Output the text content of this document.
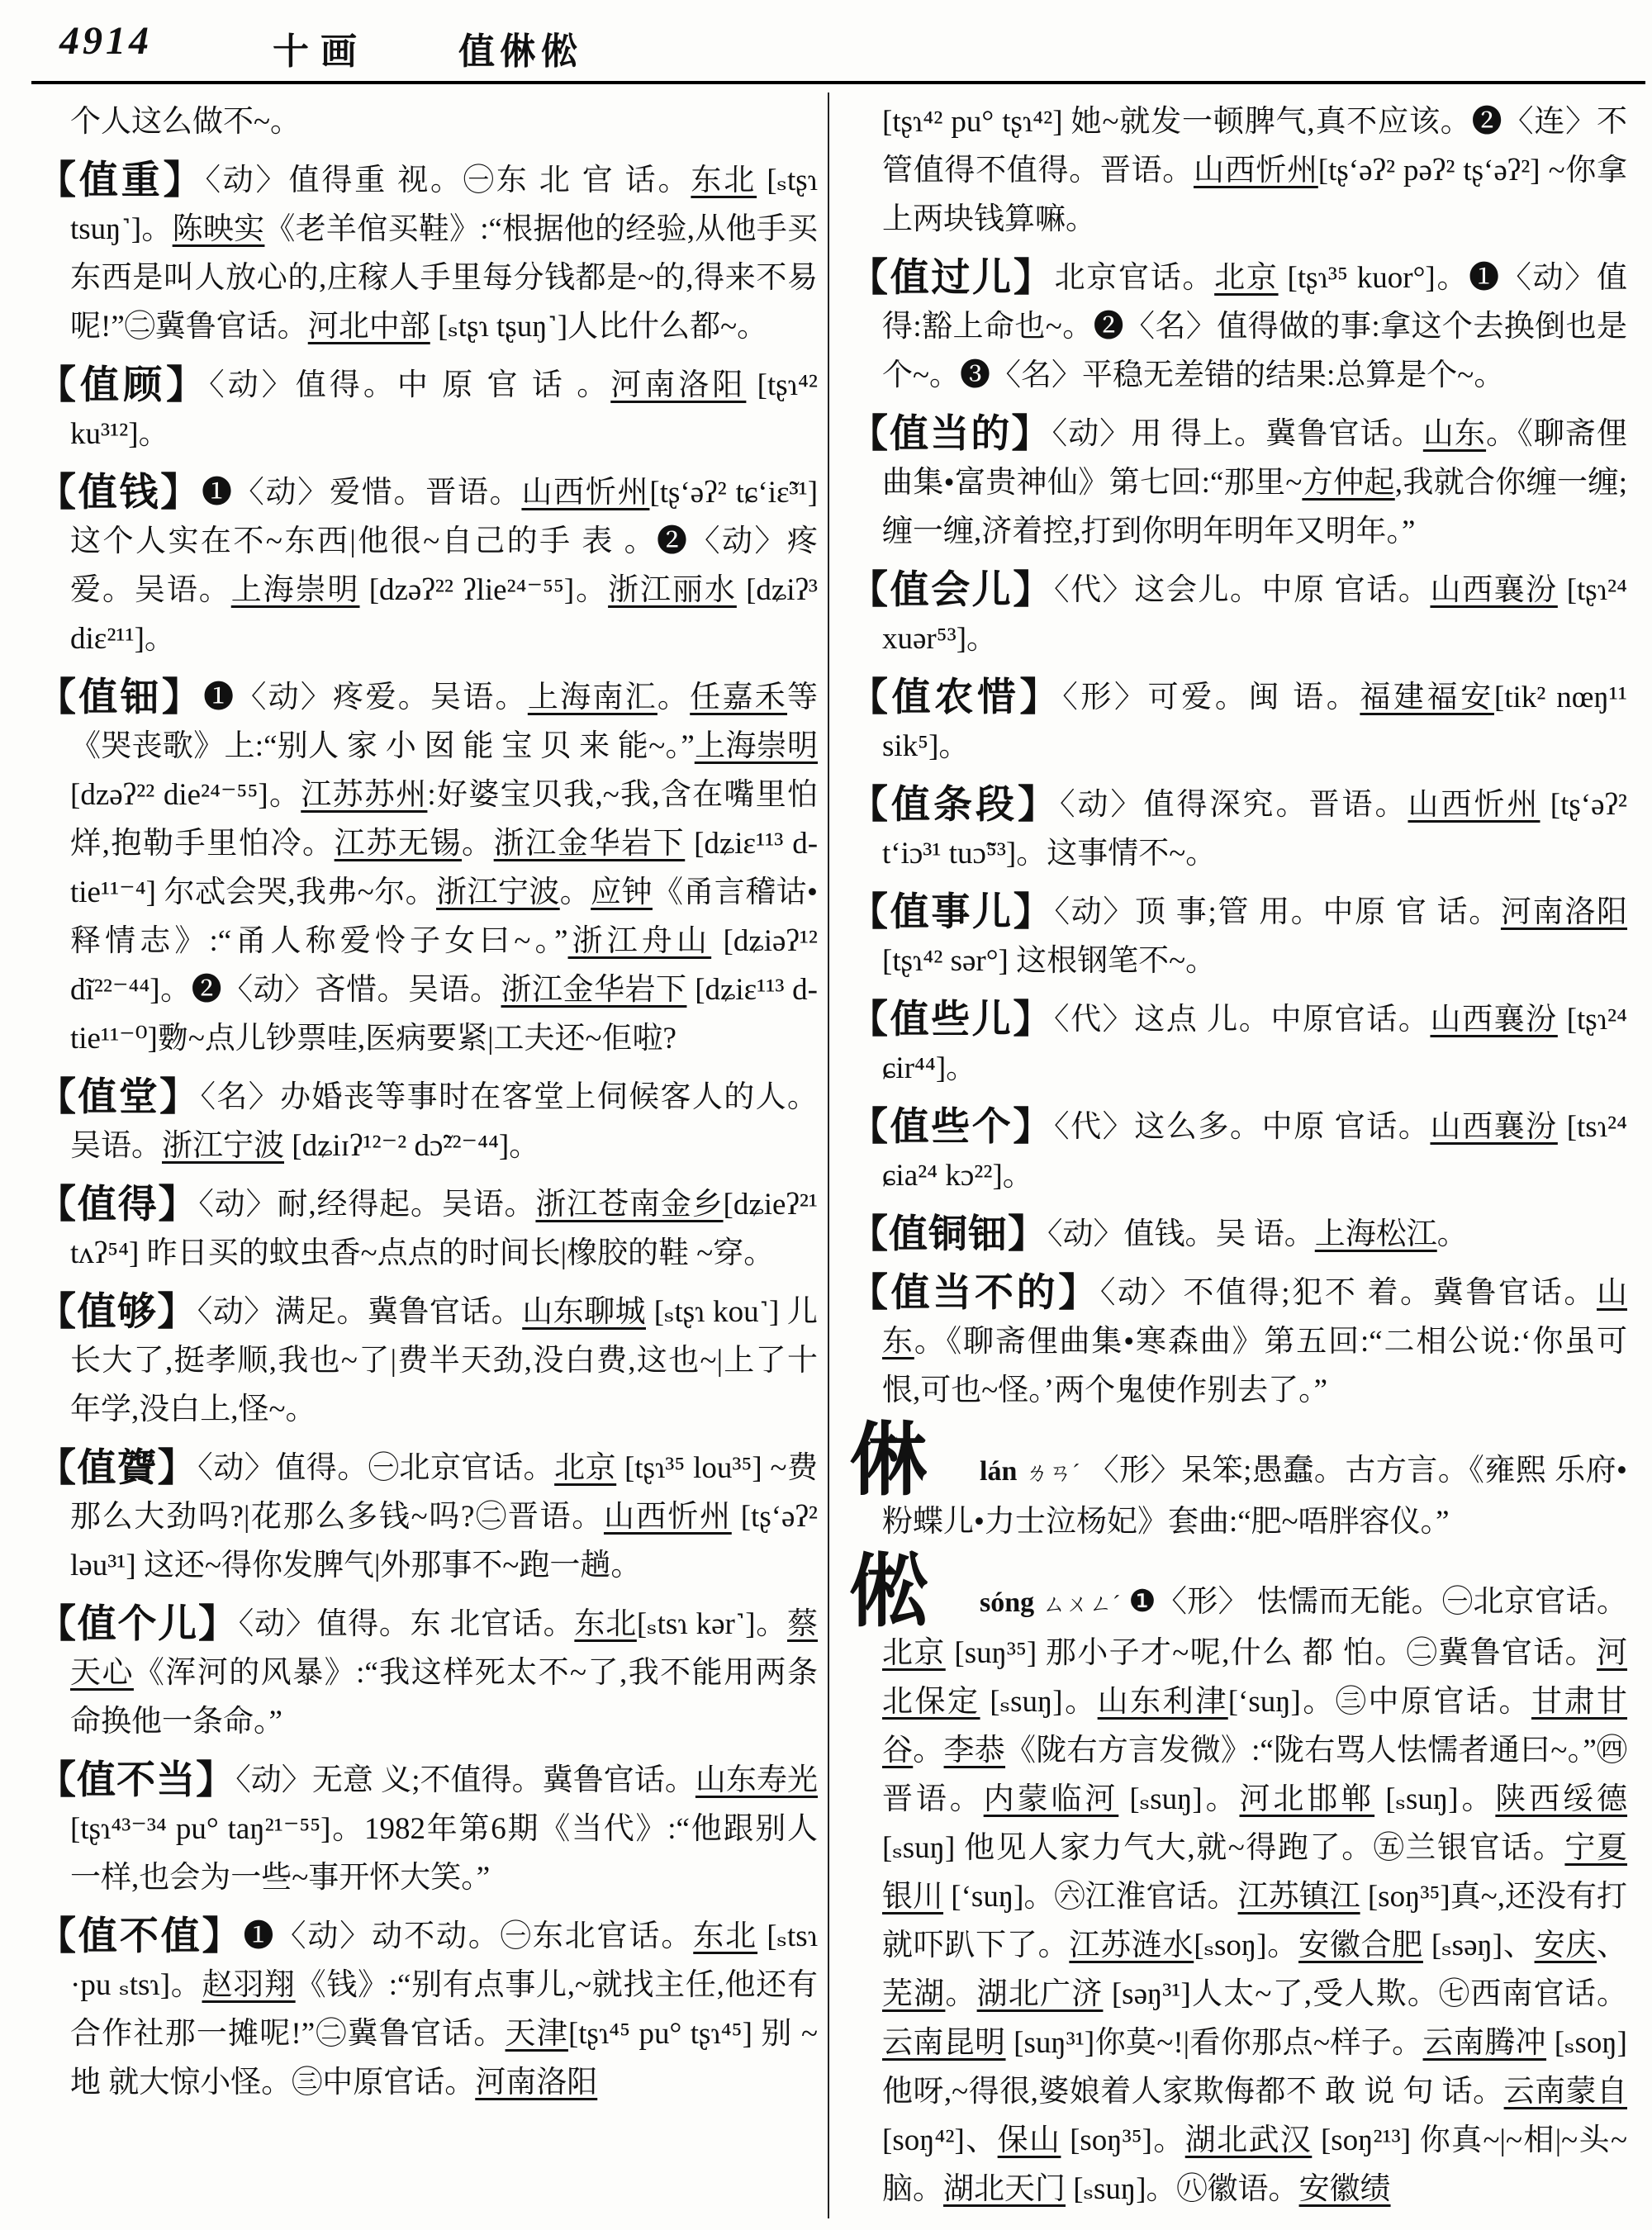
4914	十画 值㑣倯

个人这么做不~。

【值重】〈动〉值得重 视。㊀东 北 官 话。东北 [ₛtʂɿ tsuŋ˺]。陈映实《老羊倌买鞋》:“根据他的经验,从他手买东西是叫人放心的,庄稼人手里每分钱都是~的,得来不易呢!”㊁冀鲁官话。河北中部 [ₛtʂɿ tʂuŋ˺]人比什么都~。

【值顾】〈动〉值得。中 原 官 话 。河南洛阳 [tʂɿ⁴² ku³¹²]。

【值钱】❶〈动〉爱惜。晋语。山西忻州[tʂʻəʔ² tɕʻiɛ̃³¹] 这个人实在不~东西|他很~自己的手 表 。❷〈动〉疼爱。吴语。上海崇明 [dzəʔ²² ʔlie²⁴⁻⁵⁵]。浙江丽水 [dʑiʔ³ diɛ²¹¹]。

【值钿】❶〈动〉疼爱。吴语。上海南汇。任嘉禾等《哭丧歌》上:“别人 家 小 囡 能 宝 贝 来 能~。”上海崇明 [dzəʔ²² die²⁴⁻⁵⁵]。江苏苏州:好婆宝贝我,~我,含在嘴里怕烊,抱勒手里怕冷。江苏无锡。浙江金华岩下 [dʑiɛ¹¹³ d-tie¹¹⁻⁴] 尔忒会哭,我弗~尔。浙江宁波。应钟《甬言稽诂•释情志》:“甬人称爱怜子女曰~。”浙江舟山 [dʑiəʔ¹² dĩ²²⁻⁴⁴]。❷〈动〉吝惜。吴语。浙江金华岩下 [dʑiɛ¹¹³ d-tie¹¹⁻⁰]覅~点儿钞票哇,医病要紧|工夫还~佢啦?

【值堂】〈名〉办婚丧等事时在客堂上伺候客人的人。吴语。浙江宁波 [dʑiɪʔ¹²⁻² dɔ̃²²⁻⁴⁴]。

【值得】〈动〉耐,经得起。吴语。浙江苍南金乡[dʑieʔ²¹ tʌʔ⁵⁴] 昨日买的蚊虫香~点点的时间长|橡胶的鞋 ~穿。

【值够】〈动〉满足。冀鲁官话。山东聊城 [ₛtʂɿ kou˺] 儿长大了,挺孝顺,我也~了|费半天劲,没白费,这也~|上了十年学,没白上,怪~。

【值䞄】〈动〉值得。㊀北京官话。北京 [tʂɿ³⁵ lou³⁵] ~费那么大劲吗?|花那么多钱~吗?㊁晋语。山西忻州 [tʂʻəʔ² ləu³¹] 这还~得你发脾气|外那事不~跑一趟。

【值个儿】〈动〉值得。东 北官话。东北[ₛtsɿ kər˺]。蔡天心《浑河的风暴》:“我这样死太不~了,我不能用两条命换他一条命。”

【值不当】〈动〉无意 义;不值得。冀鲁官话。山东寿光 [tʂɿ⁴³⁻³⁴ pu° taŋ²¹⁻⁵⁵]。1982年第6期《当代》:“他跟别人一样,也会为一些~事开怀大笑。”

【值不值】❶〈动〉动不动。㊀东北官话。东北 [ₛtsɿ ·pu ₛtsɿ]。赵羽翔《钱》:“别有点事儿,~就找主任,他还有合作社那一摊呢!”㊁冀鲁官话。天津[tʂɿ⁴⁵ pu° tʂɿ⁴⁵] 别 ~ 地 就大惊小怪。㊂中原官话。河南洛阳

[tʂɿ⁴² pu° tʂɿ⁴²] 她~就发一顿脾气,真不应该。❷〈连〉不管值得不值得。晋语。山西忻州[tʂʻəʔ² pəʔ² tʂʻəʔ²] ~你拿上两块钱算嘛。

【值过儿】北京官话。北京 [tʂɿ³⁵ kuor°]。❶〈动〉值得:豁上命也~。❷〈名〉值得做的事:拿这个去换倒也是个~。❸〈名〉平稳无差错的结果:总算是个~。

【值当的】〈动〉用 得上。冀鲁官话。山东。《聊斋俚曲集•富贵神仙》第七回:“那里~方仲起,我就合你缠一缠;缠一缠,济着控,打到你明年明年又明年。”

【值会儿】〈代〉这会儿。中原 官话。山西襄汾 [tʂɿ²⁴ xuər⁵³]。

【值农惜】〈形〉可爱。闽 语。福建福安[tik² nœŋ¹¹ sik⁵]。

【值条段】〈动〉值得深究。晋语。山西忻州 [tʂʻəʔ² tʻiɔ³¹ tuɔ̃⁵³]。这事情不~。

【值事儿】〈动〉顶 事;管 用。中原 官 话。河南洛阳 [tʂɿ⁴² sər°] 这根钢笔不~。

【值些儿】〈代〉这点 儿。中原官话。山西襄汾 [tʂɿ²⁴ ɕir⁴⁴]。

【值些个】〈代〉这么多。中原 官话。山西襄汾 [tsɿ²⁴ ɕia²⁴ kɔ²²]。

【值铜钿】〈动〉值钱。吴 语。上海松江。

【值当不的】〈动〉不值得;犯不 着。冀鲁官话。山东。《聊斋俚曲集•寒森曲》第五回:“二相公说:‘你虽可恨,可也~怪。’两个鬼使作别去了。”

㑣 lán ㄌㄢˊ 〈形〉呆笨;愚蠢。古方言。《雍熙 乐府•粉蝶儿•力士泣杨妃》套曲:“肥~唔胖容仪。”

倯 sóng ㄙㄨㄥˊ ❶〈形〉 怯懦而无能。㊀北京官话。北京 [suŋ³⁵] 那小子才~呢,什么 都 怕。㊁冀鲁官话。河北保定 [ₛsuŋ]。山东利津[ʻsuŋ]。㊂中原官话。甘肃甘谷。李恭《陇右方言发微》:“陇右骂人怯懦者通曰~。”㊃晋语。内蒙临河 [ₛsuŋ]。河北邯郸 [ₛsuŋ]。陕西绥德 [ₛsuŋ] 他见人家力气大,就~得跑了。㊄兰银官话。宁夏银川 [ʻsuŋ]。㊅江淮官话。江苏镇江 [soŋ³⁵]真~,还没有打就吓趴下了。江苏涟水[ₛsoŋ]。安徽合肥 [ₛsəŋ]、安庆、芜湖。湖北广济 [səŋ³¹]人太~了,受人欺。㊆西南官话。云南昆明 [suŋ³¹]你莫~!|看你那点~样子。云南腾冲 [ₛsoŋ] 他呀,~得很,婆娘着人家欺侮都不 敢 说 句 话。云南蒙自[soŋ⁴²]、保山 [soŋ³⁵]。湖北武汉 [soŋ²¹³] 你真~|~相|~头~脑。湖北天门 [ₛsuŋ]。㊇徽语。安徽绩
